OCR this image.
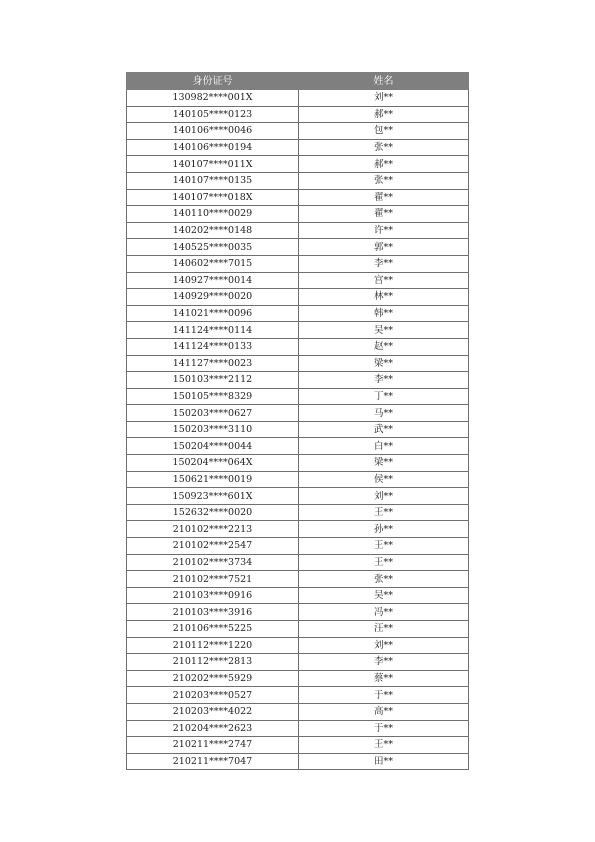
身份证号	姓名
130982****001X	刘**
140105****0123	郝**
140106****0046	包**
140106****0194	张**
140107****011X	郝**
140107****0135	张**
140107****018X	翟**
140110****0029	翟**
140202****0148	许**
140525****0035	郭**
140602****7015	李**
140927****0014	宫**
140929****0020	林**
141021****0096	韩**
141124****0114	吴**
141124****0133	赵**
141127****0023	梁**
150103****2112	李**
150105****8329	丁**
150203****0627	马**
150203****3110	武**
150204****0044	白**
150204****064X	梁**
150621****0019	侯**
150923****601X	刘**
152632****0020	王**
210102****2213	孙**
210102****2547	王**
210102****3734	王**
210102****7521	张**
210103****0916	吴**
210103****3916	冯**
210106****5225	汪**
210112****1220	刘**
210112****2813	李**
210202****5929	蔡**
210203****0527	于**
210203****4022	高**
210204****2623	于**
210211****2747	王**
210211****7047	田**
